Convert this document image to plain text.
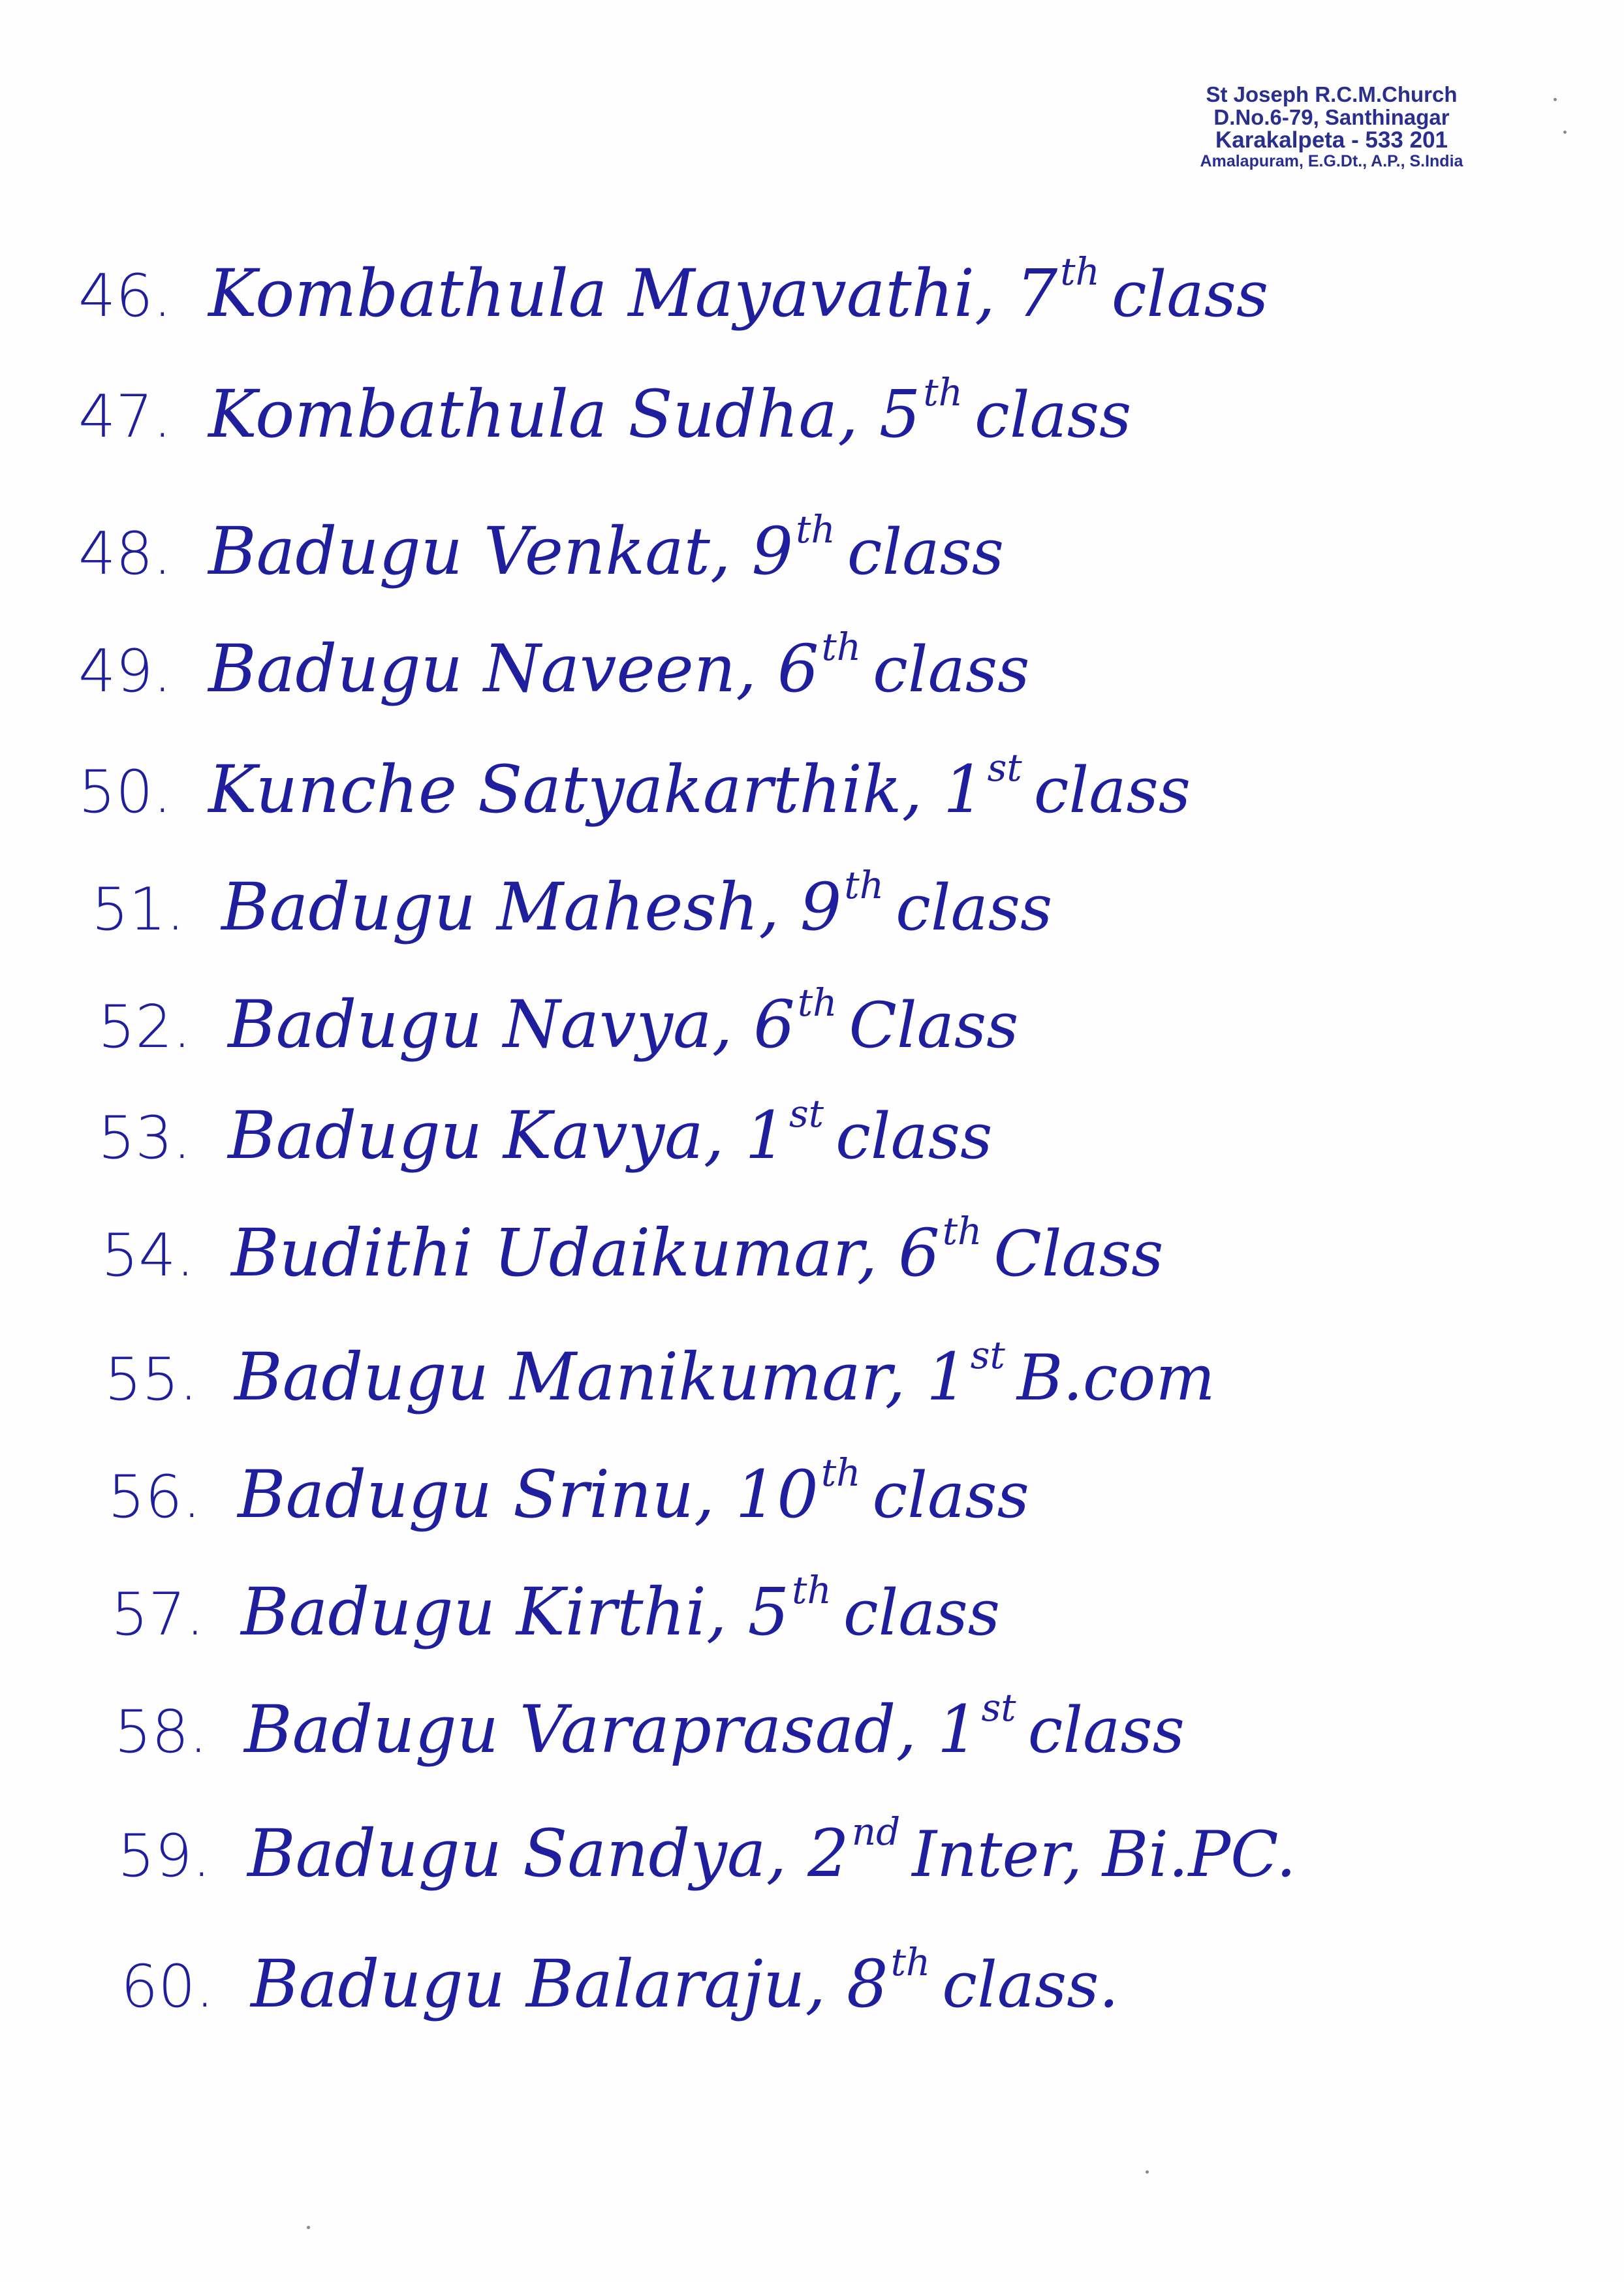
St Joseph R.C.M.Church
D.No.6-79, Santhinagar
Karakalpeta - 533 201
Amalapuram, E.G.Dt., A.P., S.India
46. Kombathula Mayavathi, 7th class
47. Kombathula Sudha, 5th class
48. Badugu Venkat, 9th class
49. Badugu Naveen, 6th class
50. Kunche Satyakarthik, 1st class
51. Badugu Mahesh, 9th class
52. Badugu Navya, 6th Class
53. Badugu Kavya, 1st class
54. Budithi Udaikumar, 6th Class
55. Badugu Manikumar, 1st B.com
56. Badugu Srinu, 10th class
57. Badugu Kirthi, 5th class
58. Badugu Varaprasad, 1st class
59. Badugu Sandya, 2nd Inter, Bi.PC.
60. Badugu Balaraju, 8th class.
